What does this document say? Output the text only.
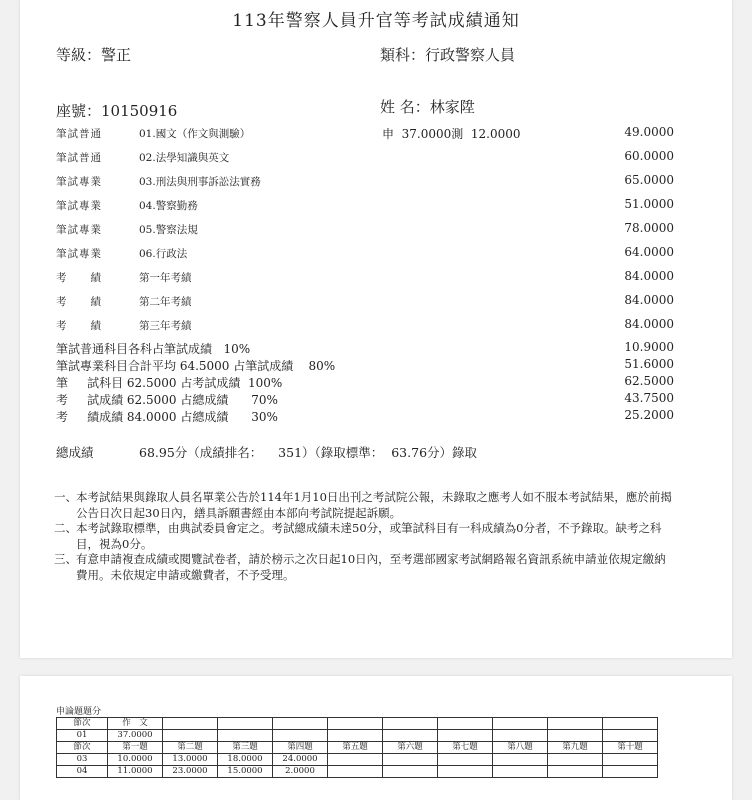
113年警察人員升官等考試成績通知
等級：警正	類科：行政警察人員
座號：10150916	姓 名：林家陞
筆試普通	01.國文（作文與測驗）	申  37.0000測  12.0000	49.0000
筆試普通	02.法學知識與英文	60.0000
筆試專業	03.刑法與刑事訴訟法實務	65.0000
筆試專業	04.警察勤務	51.0000
筆試專業	05.警察法規	78.0000
筆試專業	06.行政法	64.0000
考　　績	第一年考績	84.0000
考　　績	第二年考績	84.0000
考　　績	第三年考績	84.0000
筆試普通科目各科占筆試成績   10%	10.9000
筆試專業科目合計平均 64.5000 占筆試成績    80%	51.6000
筆     試科目 62.5000 占考試成績  100%	62.5000
考     試成績 62.5000 占總成績      70%	43.7500
考     績成績 84.0000 占總成績      30%	25.2000
總成績	68.95分（成績排名：    351）（錄取標準：  63.76分）錄取
一、 本考試結果與錄取人員名單業公告於114年1月10日出刊之考試院公報，未錄取之應考人如不服本考試結果，應於前揭公告日次日起30日內，繕具訴願書經由本部向考試院提起訴願。
二、 本考試錄取標準，由典試委員會定之。考試總成績未達50分，或筆試科目有一科成績為0分者，不予錄取。缺考之科目，視為0分。
三、 有意申請複查成績或閱覽試卷者，請於榜示之次日起10日內，至考選部國家考試網路報名資訊系統申請並依規定繳納費用。未依規定申請或繳費者，不予受理。
申論題題分
節次	作　文									
01	37.0000									
節次	第一題	第二題	第三題	第四題	第五題	第六題	第七題	第八題	第九題	第十題
03	10.0000	13.0000	18.0000	24.0000						
04	11.0000	23.0000	15.0000	2.0000						
